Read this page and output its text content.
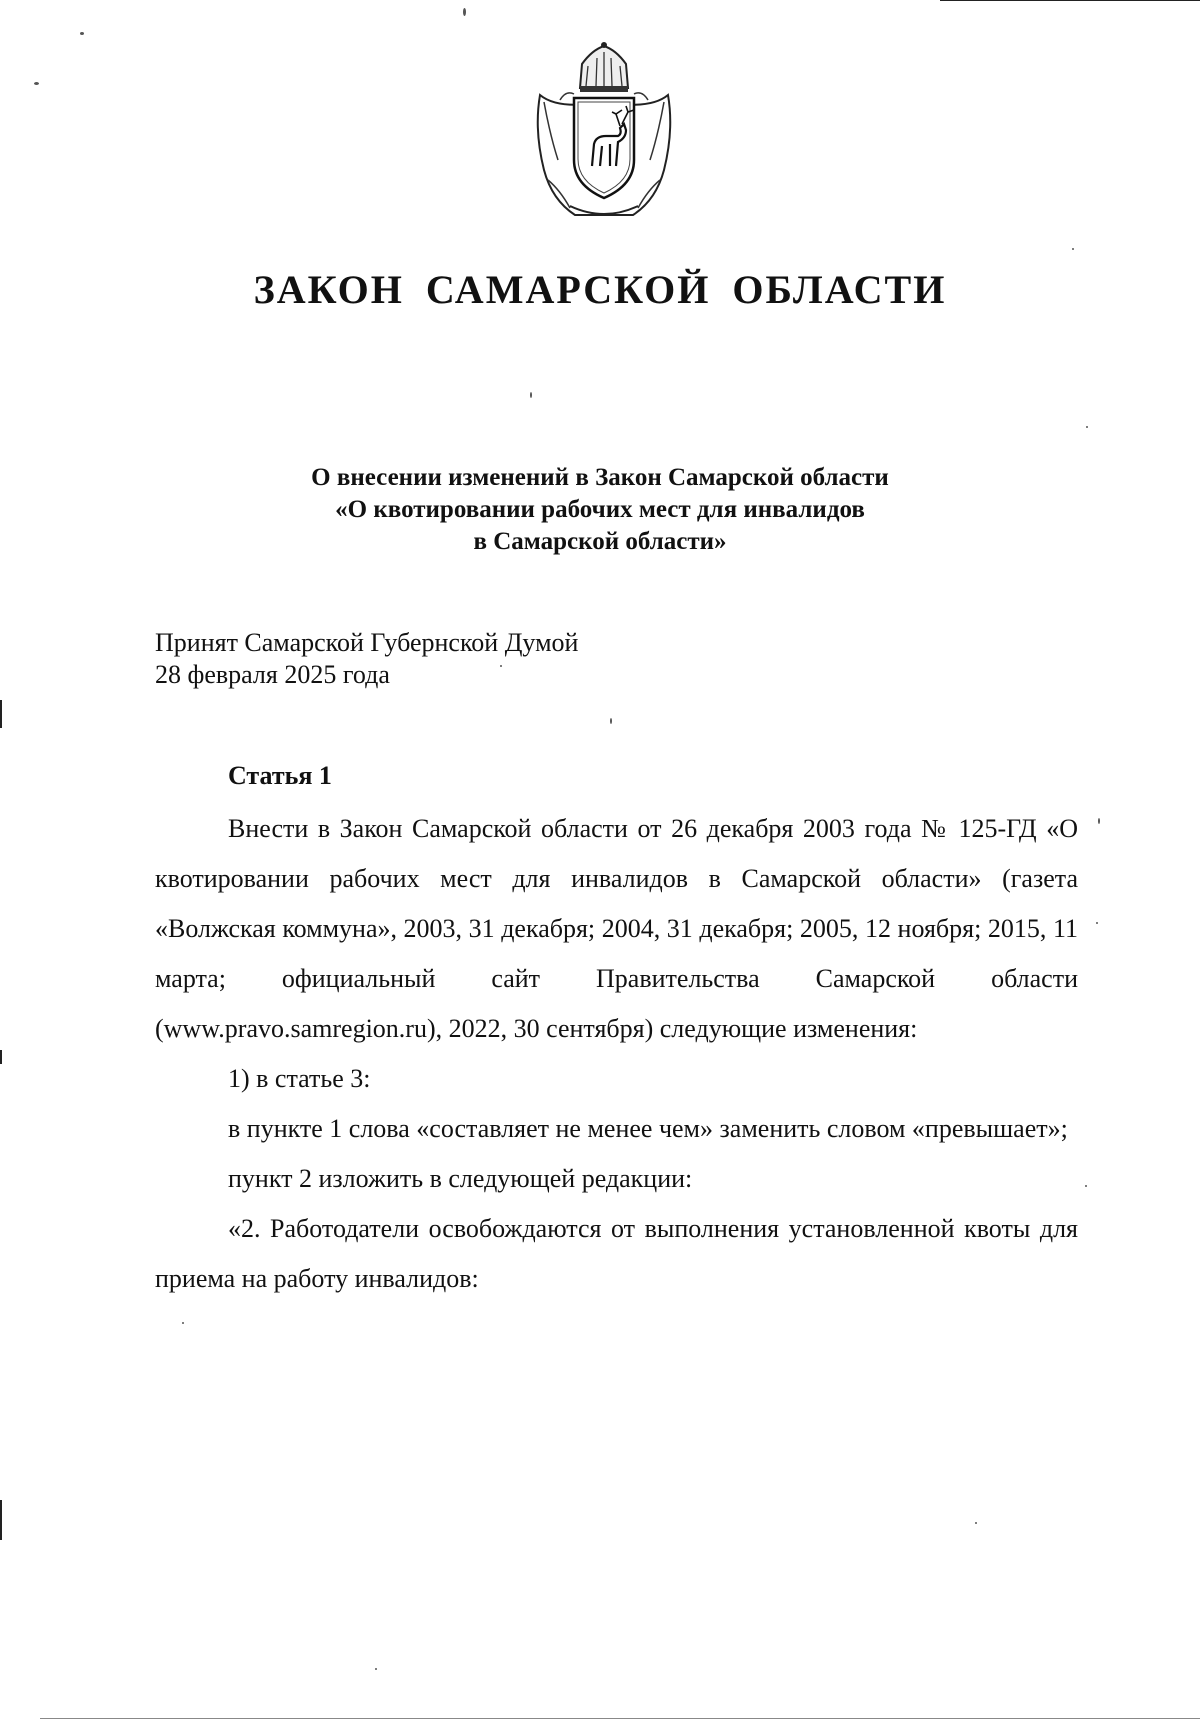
ЗАКОН САМАРСКОЙ ОБЛАСТИ
О внесении изменений в Закон Самарской области
«О квотировании рабочих мест для инвалидов
в Самарской области»
Принят Самарской Губернской Думой
28 февраля 2025 года
Статья 1

Внести в Закон Самарской области от 26 декабря 2003 года № 125-ГД «О квотировании рабочих мест для инвалидов в Самарской области» (газета «Волжская коммуна», 2003, 31 декабря; 2004, 31 декабря; 2005, 12 ноября; 2015, 11 марта; официальный сайт Правительства Самарской области (www.pravo.samregion.ru), 2022, 30 сентября) следующие изменения:

1) в статье 3:

в пункте 1 слова «составляет не менее чем» заменить словом «превышает»;

пункт 2 изложить в следующей редакции:

«2. Работодатели освобождаются от выполнения установленной квоты для приема на работу инвалидов:
